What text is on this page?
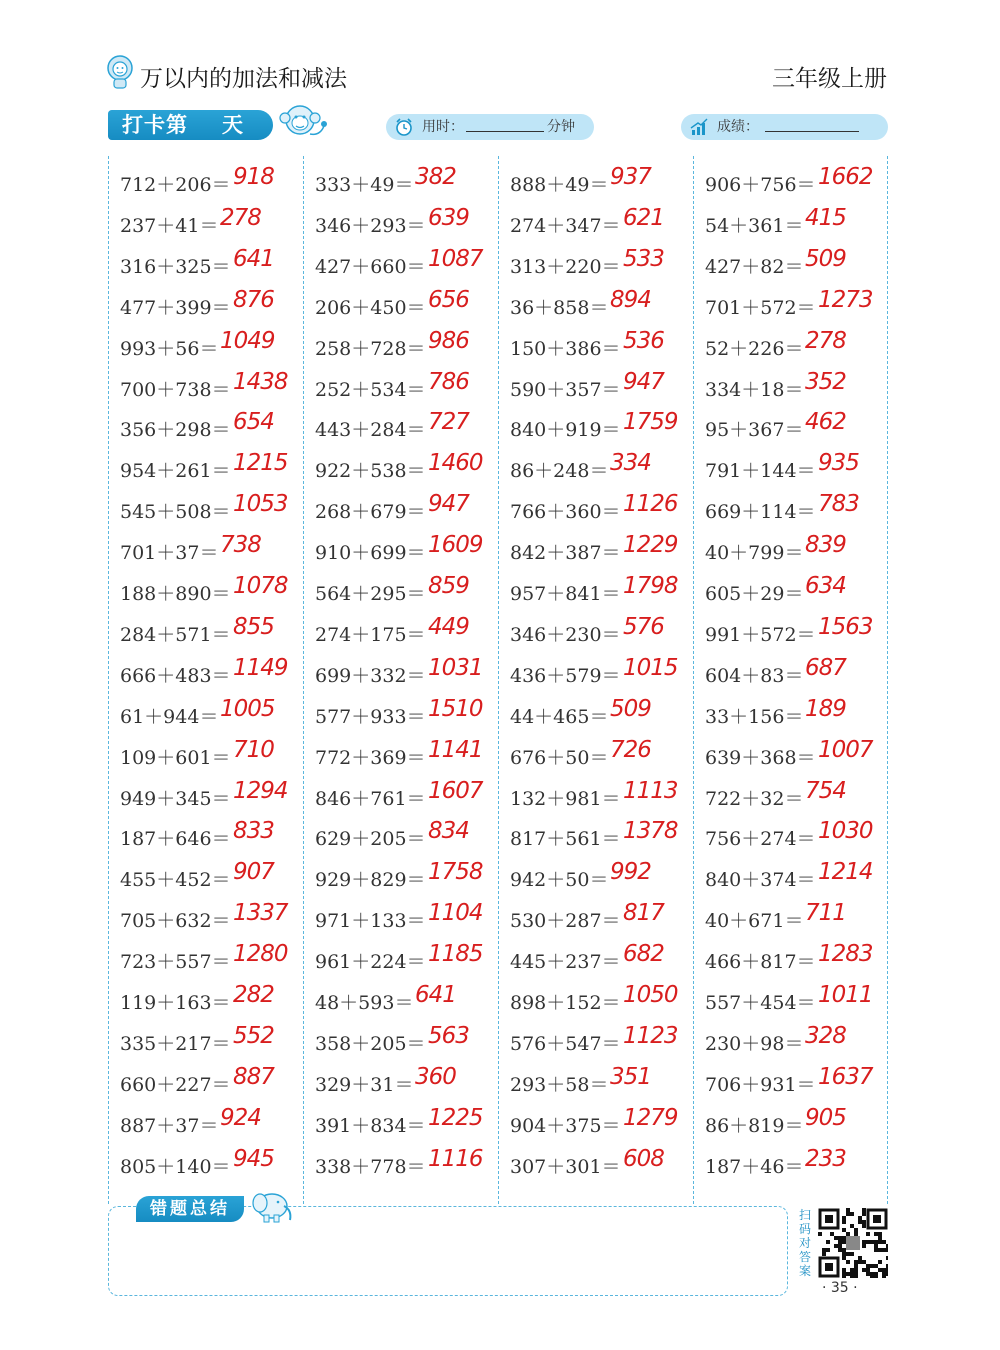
万以内的加法和减法	三年级上册
打卡第 天	用时：	分钟	成绩：
712＋206＝ 918
237＋41＝ 278
316＋325＝ 641
477＋399＝ 876
993＋56＝ 1049
700＋738＝ 1438
356＋298＝ 654
954＋261＝ 1215
545＋508＝ 1053
701＋37＝ 738
188＋890＝ 1078
284＋571＝ 855
666＋483＝ 1149
61＋944＝ 1005
109＋601＝ 710
949＋345＝ 1294
187＋646＝ 833
455＋452＝ 907
705＋632＝ 1337
723＋557＝ 1280
119＋163＝ 282
335＋217＝ 552
660＋227＝ 887
887＋37＝ 924
805＋140＝ 945
333＋49＝ 382
346＋293＝ 639
427＋660＝ 1087
206＋450＝ 656
258＋728＝ 986
252＋534＝ 786
443＋284＝ 727
922＋538＝ 1460
268＋679＝ 947
910＋699＝ 1609
564＋295＝ 859
274＋175＝ 449
699＋332＝ 1031
577＋933＝ 1510
772＋369＝ 1141
846＋761＝ 1607
629＋205＝ 834
929＋829＝ 1758
971＋133＝ 1104
961＋224＝ 1185
48＋593＝ 641
358＋205＝ 563
329＋31＝ 360
391＋834＝ 1225
338＋778＝ 1116
888＋49＝ 937
274＋347＝ 621
313＋220＝ 533
36＋858＝ 894
150＋386＝ 536
590＋357＝ 947
840＋919＝ 1759
86＋248＝ 334
766＋360＝ 1126
842＋387＝ 1229
957＋841＝ 1798
346＋230＝ 576
436＋579＝ 1015
44＋465＝ 509
676＋50＝ 726
132＋981＝ 1113
817＋561＝ 1378
942＋50＝ 992
530＋287＝ 817
445＋237＝ 682
898＋152＝ 1050
576＋547＝ 1123
293＋58＝ 351
904＋375＝ 1279
307＋301＝ 608
906＋756＝ 1662
54＋361＝ 415
427＋82＝ 509
701＋572＝ 1273
52＋226＝ 278
334＋18＝ 352
95＋367＝ 462
791＋144＝ 935
669＋114＝ 783
40＋799＝ 839
605＋29＝ 634
991＋572＝ 1563
604＋83＝ 687
33＋156＝ 189
639＋368＝ 1007
722＋32＝ 754
756＋274＝ 1030
840＋374＝ 1214
40＋671＝ 711
466＋817＝ 1283
557＋454＝ 1011
230＋98＝ 328
706＋931＝ 1637
86＋819＝ 905
187＋46＝ 233
错题总结	扫码对答案
· 35 ·
